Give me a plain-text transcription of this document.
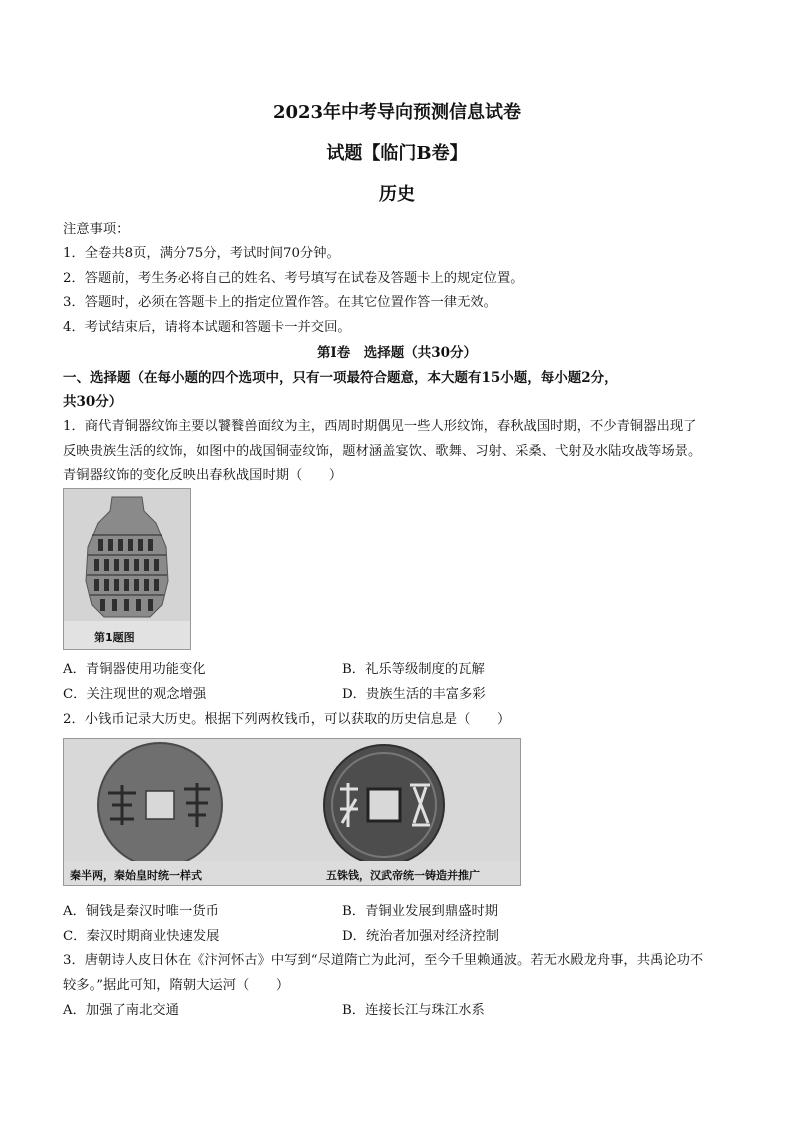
2023年中考导向预测信息试卷
试题【临门B卷】
历史
注意事项：
1．全卷共8页，满分75分，考试时间70分钟。
2．答题前，考生务必将自己的姓名、考号填写在试卷及答题卡上的规定位置。
3．答题时，必须在答题卡上的指定位置作答。在其它位置作答一律无效。
4．考试结束后，请将本试题和答题卡一并交回。
第Ⅰ卷　选择题（共30分）
一、选择题（在每小题的四个选项中，只有一项最符合题意，本大题有15小题，每小题2分，
共30分）
1．商代青铜器纹饰主要以饕餮兽面纹为主，西周时期偶见一些人形纹饰，春秋战国时期，不少青铜器出现了
反映贵族生活的纹饰，如图中的战国铜壶纹饰，题材涵盖宴饮、歌舞、习射、采桑、弋射及水陆攻战等场景。
青铜器纹饰的变化反映出春秋战国时期（　　）
第1题图
A．青铜器使用功能变化	B．礼乐等级制度的瓦解
C．关注现世的观念增强	D．贵族生活的丰富多彩
2．小钱币记录大历史。根据下列两枚钱币，可以获取的历史信息是（　　）
秦半两，秦始皇时统一样式	五铢钱，汉武帝统一铸造并推广
A．铜钱是秦汉时唯一货币	B．青铜业发展到鼎盛时期
C．秦汉时期商业快速发展	D．统治者加强对经济控制
3．唐朝诗人皮日休在《汴河怀古》中写到“尽道隋亡为此河，至今千里赖通波。若无水殿龙舟事，共禹论功不
较多。”据此可知，隋朝大运河（　　）
A．加强了南北交通	B．连接长江与珠江水系
